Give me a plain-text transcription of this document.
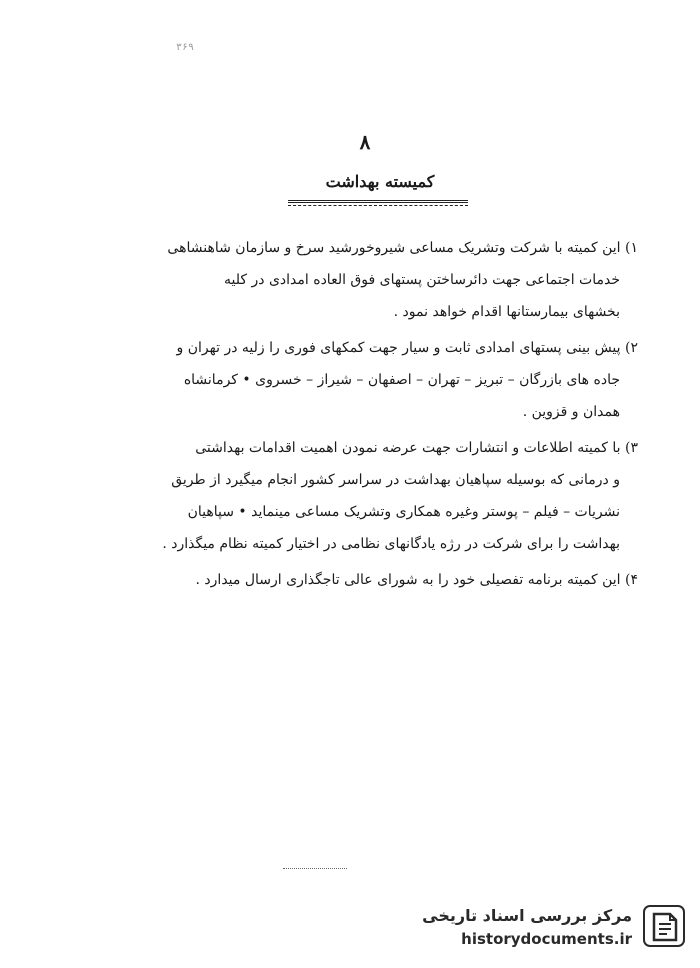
۳۶۹
۸
کمیسته بهداشت
۱) این کمیته با شرکت وتشریک مساعی شیروخورشید سرخ و سازمان شاهنشاهی
خدمات اجتماعی جهت دائرساختن پستهای فوق العاده امدادی در کلیه
بخشهای بیمارستانها اقدام خواهد نمود .
۲) پیش بینی پستهای امدادی ثابت و سیار جهت کمکهای فوری را زلیه در تهران و
جاده های بازرگان – تبریز – تهران – اصفهان – شیراز – خسروی • کرمانشاه
همدان و قزوین .
۳) با کمیته اطلاعات و انتشارات جهت عرضه نمودن اهمیت اقدامات بهداشتی
و درمانی که بوسیله سپاهیان بهداشت در سراسر کشور انجام میگیرد از طریق
نشریات – فیلم – پوستر وغیره همکاری وتشریک مساعی مینماید • سپاهیان
بهداشت را برای شرکت در رژه یادگانهای نظامی در اختیار کمیته نظام میگذارد .
۴) این کمیته برنامه تفصیلی خود را به شورای عالی تاجگذاری ارسال میدارد .
مرکز بررسی اسناد تاریخی
historydocuments.ir
